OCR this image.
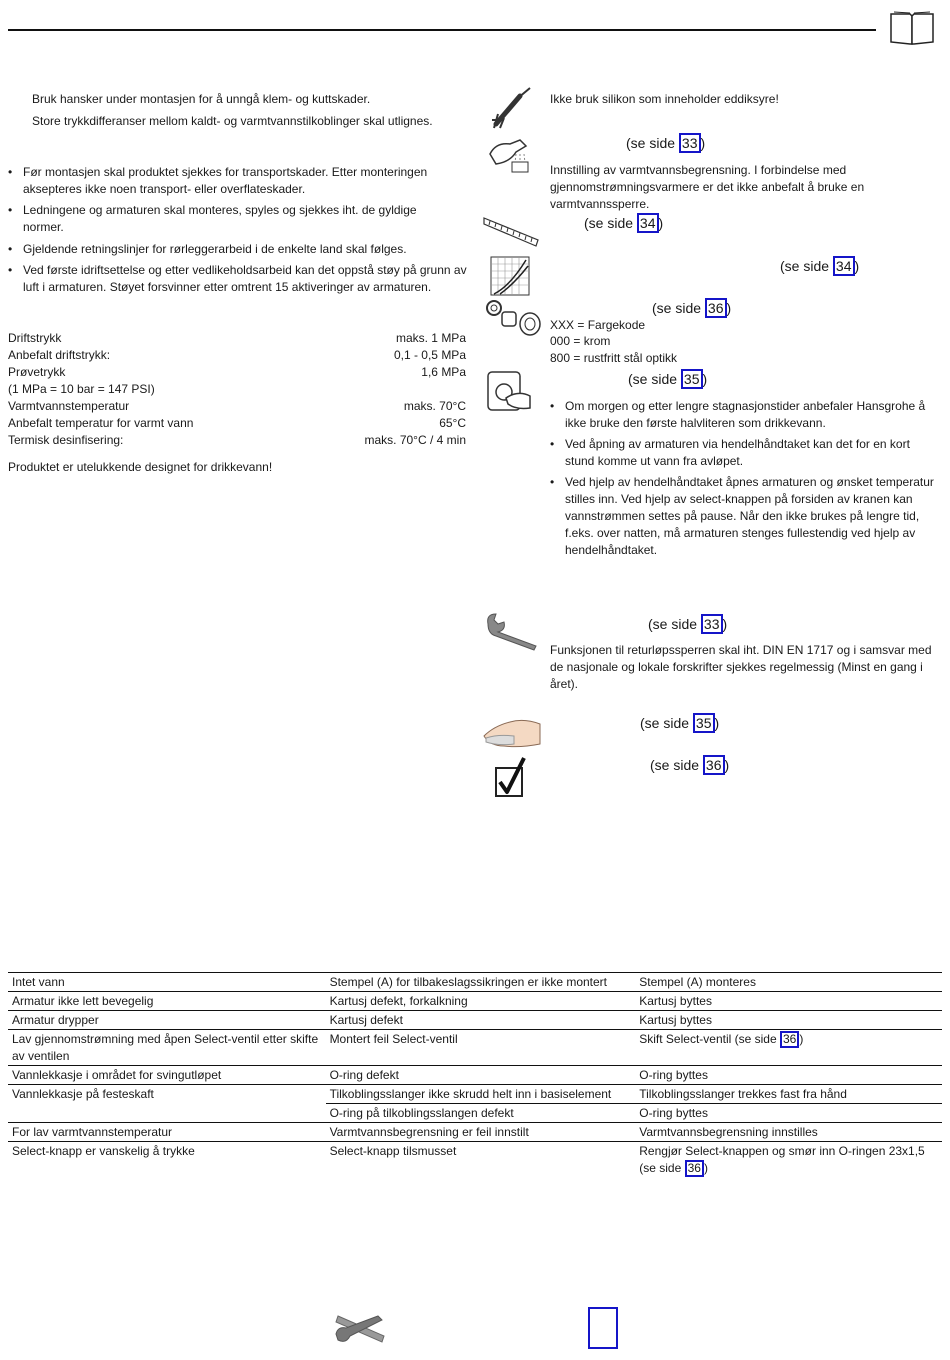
Bruk hansker under montasjen for å unngå klem- og kuttskader.
Store trykkdifferanser mellom kaldt- og varmtvannstilkoblinger skal utlignes.
• Før montasjen skal produktet sjekkes for transportskader. Etter monteringen aksepteres ikke noen transport- eller overflateskader.
• Ledningene og armaturen skal monteres, spyles og sjekkes iht. de gyldige normer.
• Gjeldende retningslinjer for rørleggerarbeid i de enkelte land skal følges.
• Ved første idriftsettelse og etter vedlikeholdsarbeid kan det oppstå støy på grunn av luft i armaturen. Støyet forsvinner etter omtrent 15 aktiveringer av armaturen.
Driftstrykk	maks. 1 MPa
Anbefalt driftstrykk:	0,1 - 0,5 MPa
Prøvetrykk	1,6 MPa
(1 MPa = 10 bar = 147 PSI)
Varmtvannstemperatur	maks. 70°C
Anbefalt temperatur for varmt vann	65°C
Termisk desinfisering:	maks. 70°C / 4 min
Produktet er utelukkende designet for drikkevann!
Ikke bruk silikon som inneholder eddiksyre!
(se side 33 )
Innstilling av varmtvannsbegrensning. I forbindelse med gjennomstrømningsvarmere er det ikke anbefalt å bruke en varmtvannssperre.
(se side 34 )
(se side 34 )
(se side 36 )
XXX = Fargekode
000 = krom
800 = rustfritt stål optikk
(se side 35 )
• Om morgen og etter lengre stagnasjonstider anbefaler Hansgrohe å ikke bruke den første halvliteren som drikkevann.
• Ved åpning av armaturen via hendelhåndtaket kan det for en kort stund komme ut vann fra avløpet.
• Ved hjelp av hendelhåndtaket åpnes armaturen og ønsket temperatur stilles inn. Ved hjelp av select-knappen på forsiden av kranen kan vannstrømmen settes på pause. Når den ikke brukes på lengre tid, f.eks. over natten, må armaturen stenges fullestendig ved hjelp av hendelhåndtaket.
(se side 33 )
Funksjonen til returløpssperren skal iht. DIN EN 1717 og i samsvar med de nasjonale og lokale forskrifter sjekkes regelmessig (Minst en gang i året).
(se side 35 )
(se side 36 )
Intet vann	Stempel (A) for tilbakeslagssikringen er ikke montert	Stempel (A) monteres
Armatur ikke lett bevegelig	Kartusj defekt, forkalkning	Kartusj byttes
Armatur drypper	Kartusj defekt	Kartusj byttes
Lav gjennomstrømning med åpen Select-ventil etter skifte av ventilen	Montert feil Select-ventil	Skift Select-ventil (se side 36 )
Vannlekkasje i området for svingutløpet	O-ring defekt	O-ring byttes
Vannlekkasje på festeskaft	Tilkoblingsslanger ikke skrudd helt inn i basiselement	Tilkoblingsslanger trekkes fast fra hånd
	O-ring på tilkoblingsslangen defekt	O-ring byttes
For lav varmtvannstemperatur	Varmtvannsbegrensning er feil innstilt	Varmtvannsbegrensning innstilles
Select-knapp er vanskelig å trykke	Select-knapp tilsmusset	Rengjør Select-knappen og smør inn O-ringen 23x1,5 (se side 36 )
